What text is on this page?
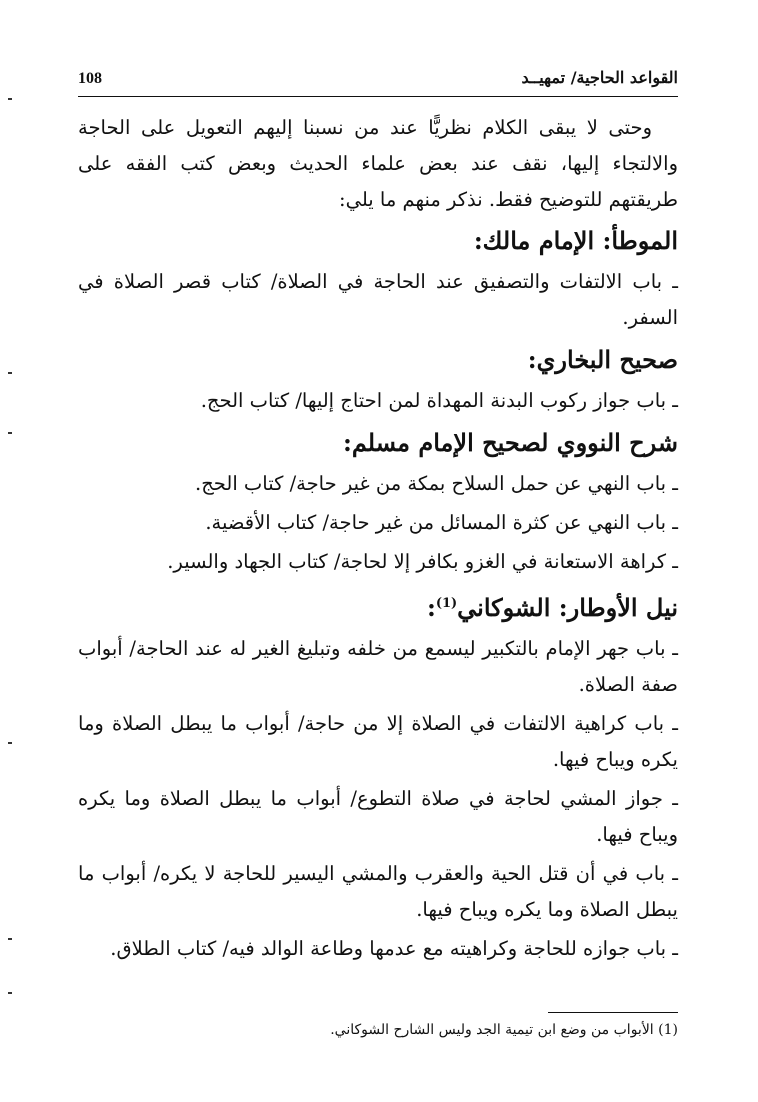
108	القواعد الحاجية/ تمهيــد

وحتى لا يبقى الكلام نظريًّا عند من نسبنا إليهم التعويل على الحاجة والالتجاء إليها، نقف عند بعض علماء الحديث وبعض كتب الفقه على طريقتهم للتوضيح فقط. نذكر منهم ما يلي:

الموطأ: الإمام مالك:

ـ باب الالتفات والتصفيق عند الحاجة في الصلاة/ كتاب قصر الصلاة في السفر.

صحيح البخاري:

ـ باب جواز ركوب البدنة المهداة لمن احتاج إليها/ كتاب الحج.

شرح النووي لصحيح الإمام مسلم:

ـ باب النهي عن حمل السلاح بمكة من غير حاجة/ كتاب الحج.

ـ باب النهي عن كثرة المسائل من غير حاجة/ كتاب الأقضية.

ـ كراهة الاستعانة في الغزو بكافر إلا لحاجة/ كتاب الجهاد والسير.

نيل الأوطار: الشوكاني$^{(1)}$:

ـ باب جهر الإمام بالتكبير ليسمع من خلفه وتبليغ الغير له عند الحاجة/ أبواب صفة الصلاة.

ـ باب كراهية الالتفات في الصلاة إلا من حاجة/ أبواب ما يبطل الصلاة وما يكره ويباح فيها.

ـ جواز المشي لحاجة في صلاة التطوع/ أبواب ما يبطل الصلاة وما يكره ويباح فيها.

ـ باب في أن قتل الحية والعقرب والمشي اليسير للحاجة لا يكره/ أبواب ما يبطل الصلاة وما يكره ويباح فيها.

ـ باب جوازه للحاجة وكراهيته مع عدمها وطاعة الوالد فيه/ كتاب الطلاق.

(1) الأبواب من وضع ابن تيمية الجد وليس الشارح الشوكاني.
